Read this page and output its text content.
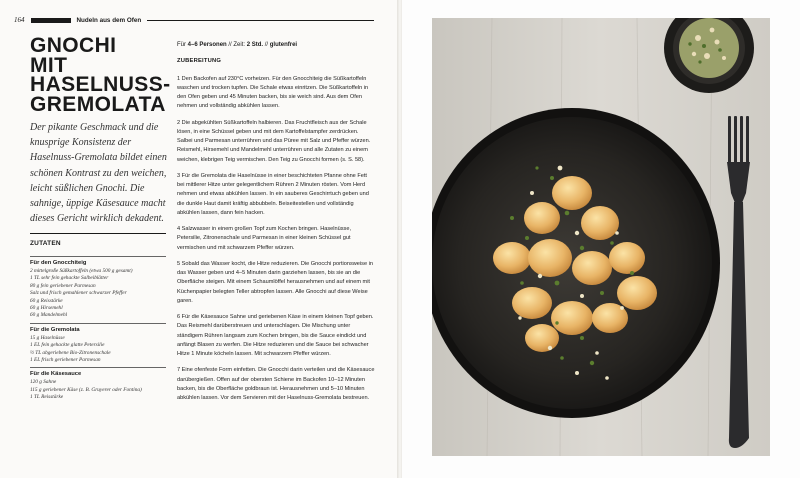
164	Nudeln aus dem Ofen
GNOCHI
MIT
HASELNUSS-
GREMOLATA
Der pikante Geschmack und die knusprige Konsistenz der Haselnuss-Gremolata bildet einen schönen Kontrast zu den weichen, leicht süßlichen Gnochi. Die sahnige, üppige Käsesauce macht dieses Gericht wirklich dekadent.
ZUTATEN
Für den Gnocchiteig
2 mittelgroße Süßkartoffeln (etwa 500 g gesamt)
1 TL sehr fein gehackte Salbeiblätter
80 g fein geriebener Parmesan
Salz und frisch gemahlener schwarzer Pfeffer
60 g Reisstärke
60 g Hirsemehl
60 g Mandelmehl
Für die Gremolata
15 g Haselnüsse
1 EL fein gehackte glatte Petersilie
½ TL abgeriebene Bio-Zitronenschale
1 EL frisch geriebener Parmesan
Für die Käsesauce
120 g Sahne
115 g geriebener Käse (z. B. Gruyerer oder Fontina)
1 TL Reisstärke
Für 4–6 Personen // Zeit: 2 Std. // glutenfrei
ZUBEREITUNG

1 Den Backofen auf 230°C vorheizen. Für den Gnocchiteig die Süßkartoffeln waschen und trocken tupfen. Die Schale etwas einritzen. Die Süßkartoffeln in den Ofen geben und 45 Minuten backen, bis sie weich sind. Aus dem Ofen nehmen und vollständig abkühlen lassen.

2 Die abgekühlten Süßkartoffeln halbieren. Das Fruchtfleisch aus der Schale lösen, in eine Schüssel geben und mit dem Kartoffelstampfer zerdrücken. Salbei und Parmesan unterrühren und das Püree mit Salz und Pfeffer würzen. Reismehl, Hirsemehl und Mandelmehl unterrühren und alle Zutaten zu einem weichen, klebrigen Teig vermischen. Den Teig zu Gnocchi formen (s. S. 58).

3 Für die Gremolata die Haselnüsse in einer beschichteten Pfanne ohne Fett bei mittlerer Hitze unter gelegentlichem Rühren 2 Minuten rösten. Vom Herd nehmen und etwas abkühlen lassen. In ein sauberes Geschirrtuch geben und die dunkle Haut damit kräftig abbubbeln. Beiseitestellen und vollständig abkühlen lassen, dann fein hacken.

4 Salzwasser in einem großen Topf zum Kochen bringen. Haselnüsse, Petersilie, Zitronenschale und Parmesan in einer kleinen Schüssel gut vermischen und mit schwarzem Pfeffer würzen.

5 Sobald das Wasser kocht, die Hitze reduzieren. Die Gnocchi portionsweise in das Wasser geben und 4–5 Minuten darin garziehen lassen, bis sie an die Oberfläche steigen. Mit einem Schaumlöffel herausnehmen und auf einem mit Küchenpapier belegten Teller abtropfen lassen. Alle Gnocchi auf diese Weise garen.

6 Für die Käsesauce Sahne und geriebenen Käse in einem kleinen Topf geben. Das Reismehl darüberstreuen und unterschlagen. Die Mischung unter ständigem Rühren langsam zum Kochen bringen, bis die Sauce eindickt und anfängt Blasen zu werfen. Die Hitze reduzieren und die Sauce bei schwacher Hitze 1 Minute köcheln lassen. Mit schwarzem Pfeffer würzen.

7 Eine ofenfeste Form einfetten. Die Gnocchi darin verteilen und die Käsesauce darübergießen. Offen auf der obersten Schiene im Backofen 10–12 Minuten backen, bis die Oberfläche goldbraun ist. Herausnehmen und 5–10 Minuten abkühlen lassen. Vor dem Servieren mit der Haselnuss-Gremolata bestreuen.
